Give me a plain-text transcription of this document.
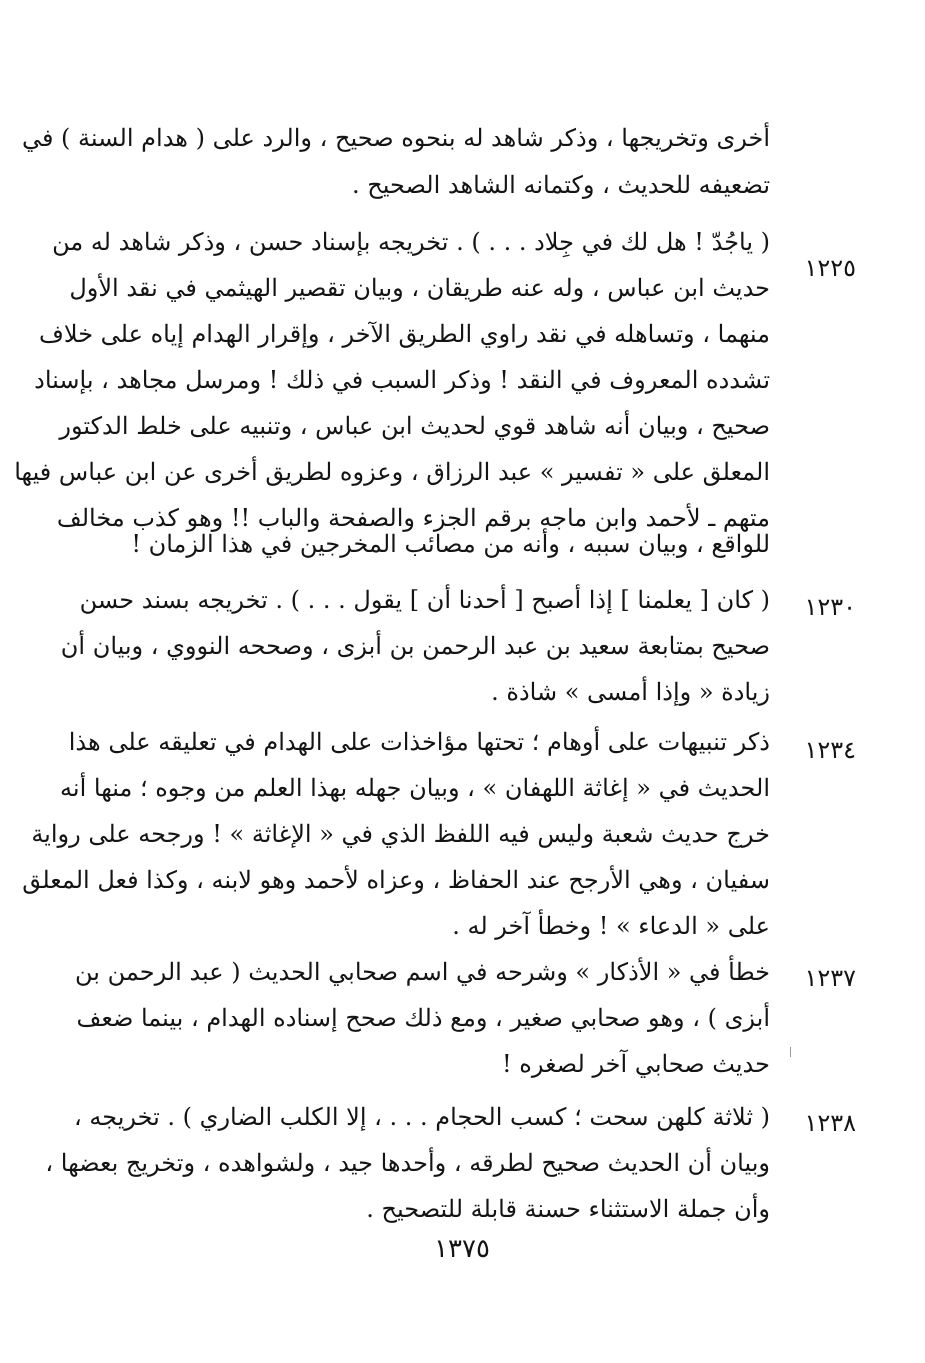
أخرى وتخريجها ، وذكر شاهد له بنحوه صحيح ، والرد على ( هدام السنة ) في
تضعيفه للحديث ، وكتمانه الشاهد الصحيح .
١٢٢٥
( ياجُدّ ! هل لك في جِلاد . . . ) . تخريجه بإسناد حسن ، وذكر شاهد له من
حديث ابن عباس ، وله عنه طريقان ، وبيان تقصير الهيثمي في نقد الأول
منهما ، وتساهله في نقد راوي الطريق الآخر ، وإقرار الهدام إياه على خلاف
تشدده المعروف في النقد ! وذكر السبب في ذلك ! ومرسل مجاهد ، بإسناد
صحيح ، وبيان أنه شاهد قوي لحديث ابن عباس ، وتنبيه على خلط الدكتور
المعلق على « تفسير » عبد الرزاق ، وعزوه لطريق أخرى عن ابن عباس فيها
متهم ـ لأحمد وابن ماجه برقم الجزء والصفحة والباب !! وهو كذب مخالف
للواقع ، وبيان سببه ، وأنه من مصائب المخرجين في هذا الزمان !
١٢٣٠
( كان [ يعلمنا ] إذا أصبح [ أحدنا أن ] يقول . . . ) . تخريجه بسند حسن
صحيح بمتابعة سعيد بن عبد الرحمن بن أبزى ، وصححه النووي ، وبيان أن
زيادة « وإذا أمسى » شاذة .
١٢٣٤
ذكر تنبيهات على أوهام ؛ تحتها مؤاخذات على الهدام في تعليقه على هذا
الحديث في « إغاثة اللهفان » ، وبيان جهله بهذا العلم من وجوه ؛ منها أنه
خرج حديث شعبة وليس فيه اللفظ الذي في « الإغاثة » ! ورجحه على رواية
سفيان ، وهي الأرجح عند الحفاظ ، وعزاه لأحمد وهو لابنه ، وكذا فعل المعلق
على « الدعاء » ! وخطأ آخر له .
١٢٣٧
خطأ في « الأذكار » وشرحه في اسم صحابي الحديث ( عبد الرحمن بن
أبزى ) ، وهو صحابي صغير ، ومع ذلك صحح إسناده الهدام ، بينما ضعف
حديث صحابي آخر لصغره !
١٢٣٨
( ثلاثة كلهن سحت ؛ كسب الحجام . . . ، إلا الكلب الضاري ) . تخريجه ،
وبيان أن الحديث صحيح لطرقه ، وأحدها جيد ، ولشواهده ، وتخريج بعضها ،
وأن جملة الاستثناء حسنة قابلة للتصحيح .
١٣٧٥
